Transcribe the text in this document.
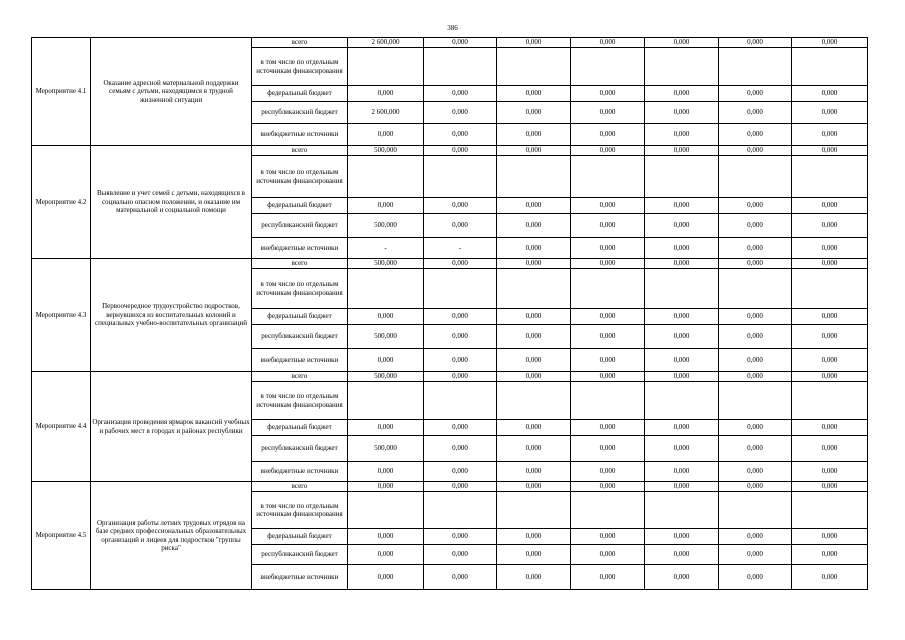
386
Мероприятие 4.1	Оказание адресной материальной поддержки семьям с детьми, находящимся в трудной жизненной ситуации	всего	2 600,000	0,000	0,000	0,000	0,000	0,000	0,000
		в том числе по отдельным источникам финансирования							
		федеральный бюджет	0,000	0,000	0,000	0,000	0,000	0,000	0,000
		республиканский бюджет	2 600,000	0,000	0,000	0,000	0,000	0,000	0,000
		внебюджетные источники	0,000	0,000	0,000	0,000	0,000	0,000	0,000
Мероприятие 4.2	Выявление и учет семей с детьми, находящихся в социально опасном положении, и оказание им материальной и социальной помощи	всего	500,000	0,000	0,000	0,000	0,000	0,000	0,000
		в том числе по отдельным источникам финансирования							
		федеральный бюджет	0,000	0,000	0,000	0,000	0,000	0,000	0,000
		республиканский бюджет	500,000	0,000	0,000	0,000	0,000	0,000	0,000
		внебюджетные источники	-	-	0,000	0,000	0,000	0,000	0,000
Мероприятие 4.3	Первоочередное трудоустройство подростков, вернувшихся из воспитательных колоний и специальных учебно-воспитательных организаций	всего	500,000	0,000	0,000	0,000	0,000	0,000	0,000
		в том числе по отдельным источникам финансирования							
		федеральный бюджет	0,000	0,000	0,000	0,000	0,000	0,000	0,000
		республиканский бюджет	500,000	0,000	0,000	0,000	0,000	0,000	0,000
		внебюджетные источники	0,000	0,000	0,000	0,000	0,000	0,000	0,000
Мероприятие 4.4	Организация проведения ярмарок вакансий учебных и рабочих мест в городах и районах республики	всего	500,000	0,000	0,000	0,000	0,000	0,000	0,000
		в том числе по отдельным источникам финансирования							
		федеральный бюджет	0,000	0,000	0,000	0,000	0,000	0,000	0,000
		республиканский бюджет	500,000	0,000	0,000	0,000	0,000	0,000	0,000
		внебюджетные источники	0,000	0,000	0,000	0,000	0,000	0,000	0,000
Мероприятие 4.5	Организация работы летних трудовых отрядов на базе средних профессиональных образовательных организаций и лицеев для подростков "группы риска"	всего	0,000	0,000	0,000	0,000	0,000	0,000	0,000
		в том числе по отдельным источникам финансирования							
		федеральный бюджет	0,000	0,000	0,000	0,000	0,000	0,000	0,000
		республиканский бюджет	0,000	0,000	0,000	0,000	0,000	0,000	0,000
		внебюджетные источники	0,000	0,000	0,000	0,000	0,000	0,000	0,000
